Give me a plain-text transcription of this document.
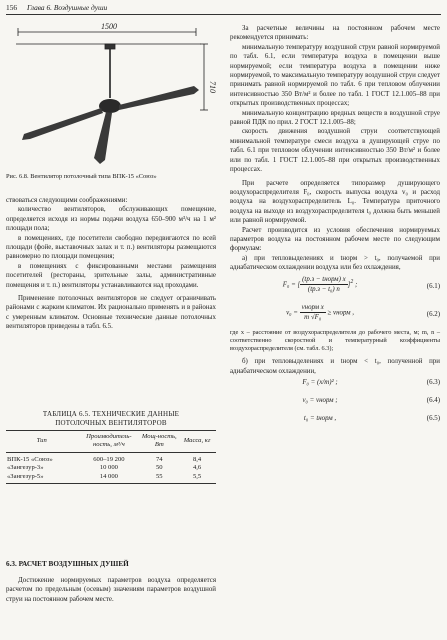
156 Глава 6. Воздушные души
1500
710
Рис. 6.8. Вентилятор потолочный типа ВПК-15 «Союз»

ствоваться следующими соображениями:

количество вентиляторов, обслуживающих помещение, определяется исходя из нормы подачи воздуха 650–900 м³/ч на 1 м² площади пола;

в помещениях, где посетители свободно передвигаются по всей площади (фойе, выставочных залах и т. п.) вентиляторы размещаются равномерно по площади помещения;

в помещениях с фиксированными местами размещения посетителей (рестораны, зрительные залы, административные помещения и т. п.) вентиляторы устанавливаются над проходами.

Применение потолочных вентиляторов не следует ограничивать районами с жарким климатом. Их рационально применять и в районах с умеренным климатом. Основные технические данные потолочных вентиляторов приведены в табл. 6.5.

ТАБЛИЦА 6.5. ТЕХНИЧЕСКИЕ ДАННЫЕ
ПОТОЛОЧНЫХ ВЕНТИЛЯТОРОВ
Тип	Производитель-ность, м³/ч	Мощ-ность, Вт	Масса, кг
ВПК-15 «Союз»	600–19 200	74	8,4
«Зангезур-3»	10 000	50	4,6
«Зангезур-5»	14 000	55	5,5
6.3. РАСЧЕТ ВОЗДУШНЫХ ДУШЕЙ

Достижение нормируемых параметров воздуха определяется расчетом по предельным (осевым) значениям параметров воздушной струи на постоянном рабочем месте.

За расчетные величины на постоянном рабочем месте рекомендуется принимать:

минимальную температуру воздушной струи равной нормируемой по табл. 6.1, если температура воздуха в помещении выше нормируемой; если температура воздуха в помещении ниже нормируемой, то максимальную температуру воздушной струи следует принимать равной нормируемой по табл. 6 при тепловом облучении интенсивностью 350 Вт/м² и более по табл. 1 ГОСТ 12.1.005–88 при открытых производственных процессах;

минимальную концентрацию вредных веществ в воздушной струе равной ПДК по прил. 2 ГОСТ 12.1.005–88;

скорость движения воздушной струи соответствующей минимальной температуре смеси воздуха в душирующей струе по табл. 6.1 при тепловом облучении интенсивностью 350 Вт/м² и более или по табл. 1 ГОСТ 12.1.005–88 при открытых производственных процессах.

При расчете определяется типоразмер душирующего воздухораспределителя F₀, скорость выпуска воздуха v₀ и расход воздуха на воздухораспределитель L₀. Температура приточного воздуха на выходе из воздухораспределителя t₀ должна быть меньшей или равной нормируемой.

Расчет производится из условия обеспечения нормируемых параметров воздуха на постоянном рабочем месте по следующим формулам:

а) при тепловыделениях и tнорм > t₀, получаемой при адиабатическом охлаждении воздуха или без охлаждения,

F₀ = [ $\frac{\text{(tр.з − tнорм) x}}{\text{(tр.з − t₀) n}} ]^2$ ;	(6.1)
$v_0 = \frac{\text{vнорм x}}{\text{m √F₀}}$ ≥ vнорм ,	(6.2)
где x – расстояние от воздухораспределителя до рабочего места, м; m, n – соответственно скоростной и температурный коэффициенты воздухораспределителя (см. табл. 6.3);

б) при тепловыделениях и tнорм < t₀, полученной при адиабатическом охлаждении,

F₀ = (x/m)² ;	(6.3)
v₀ = vнорм ;	(6.4)
t₀ = tнорм ,	(6.5)
